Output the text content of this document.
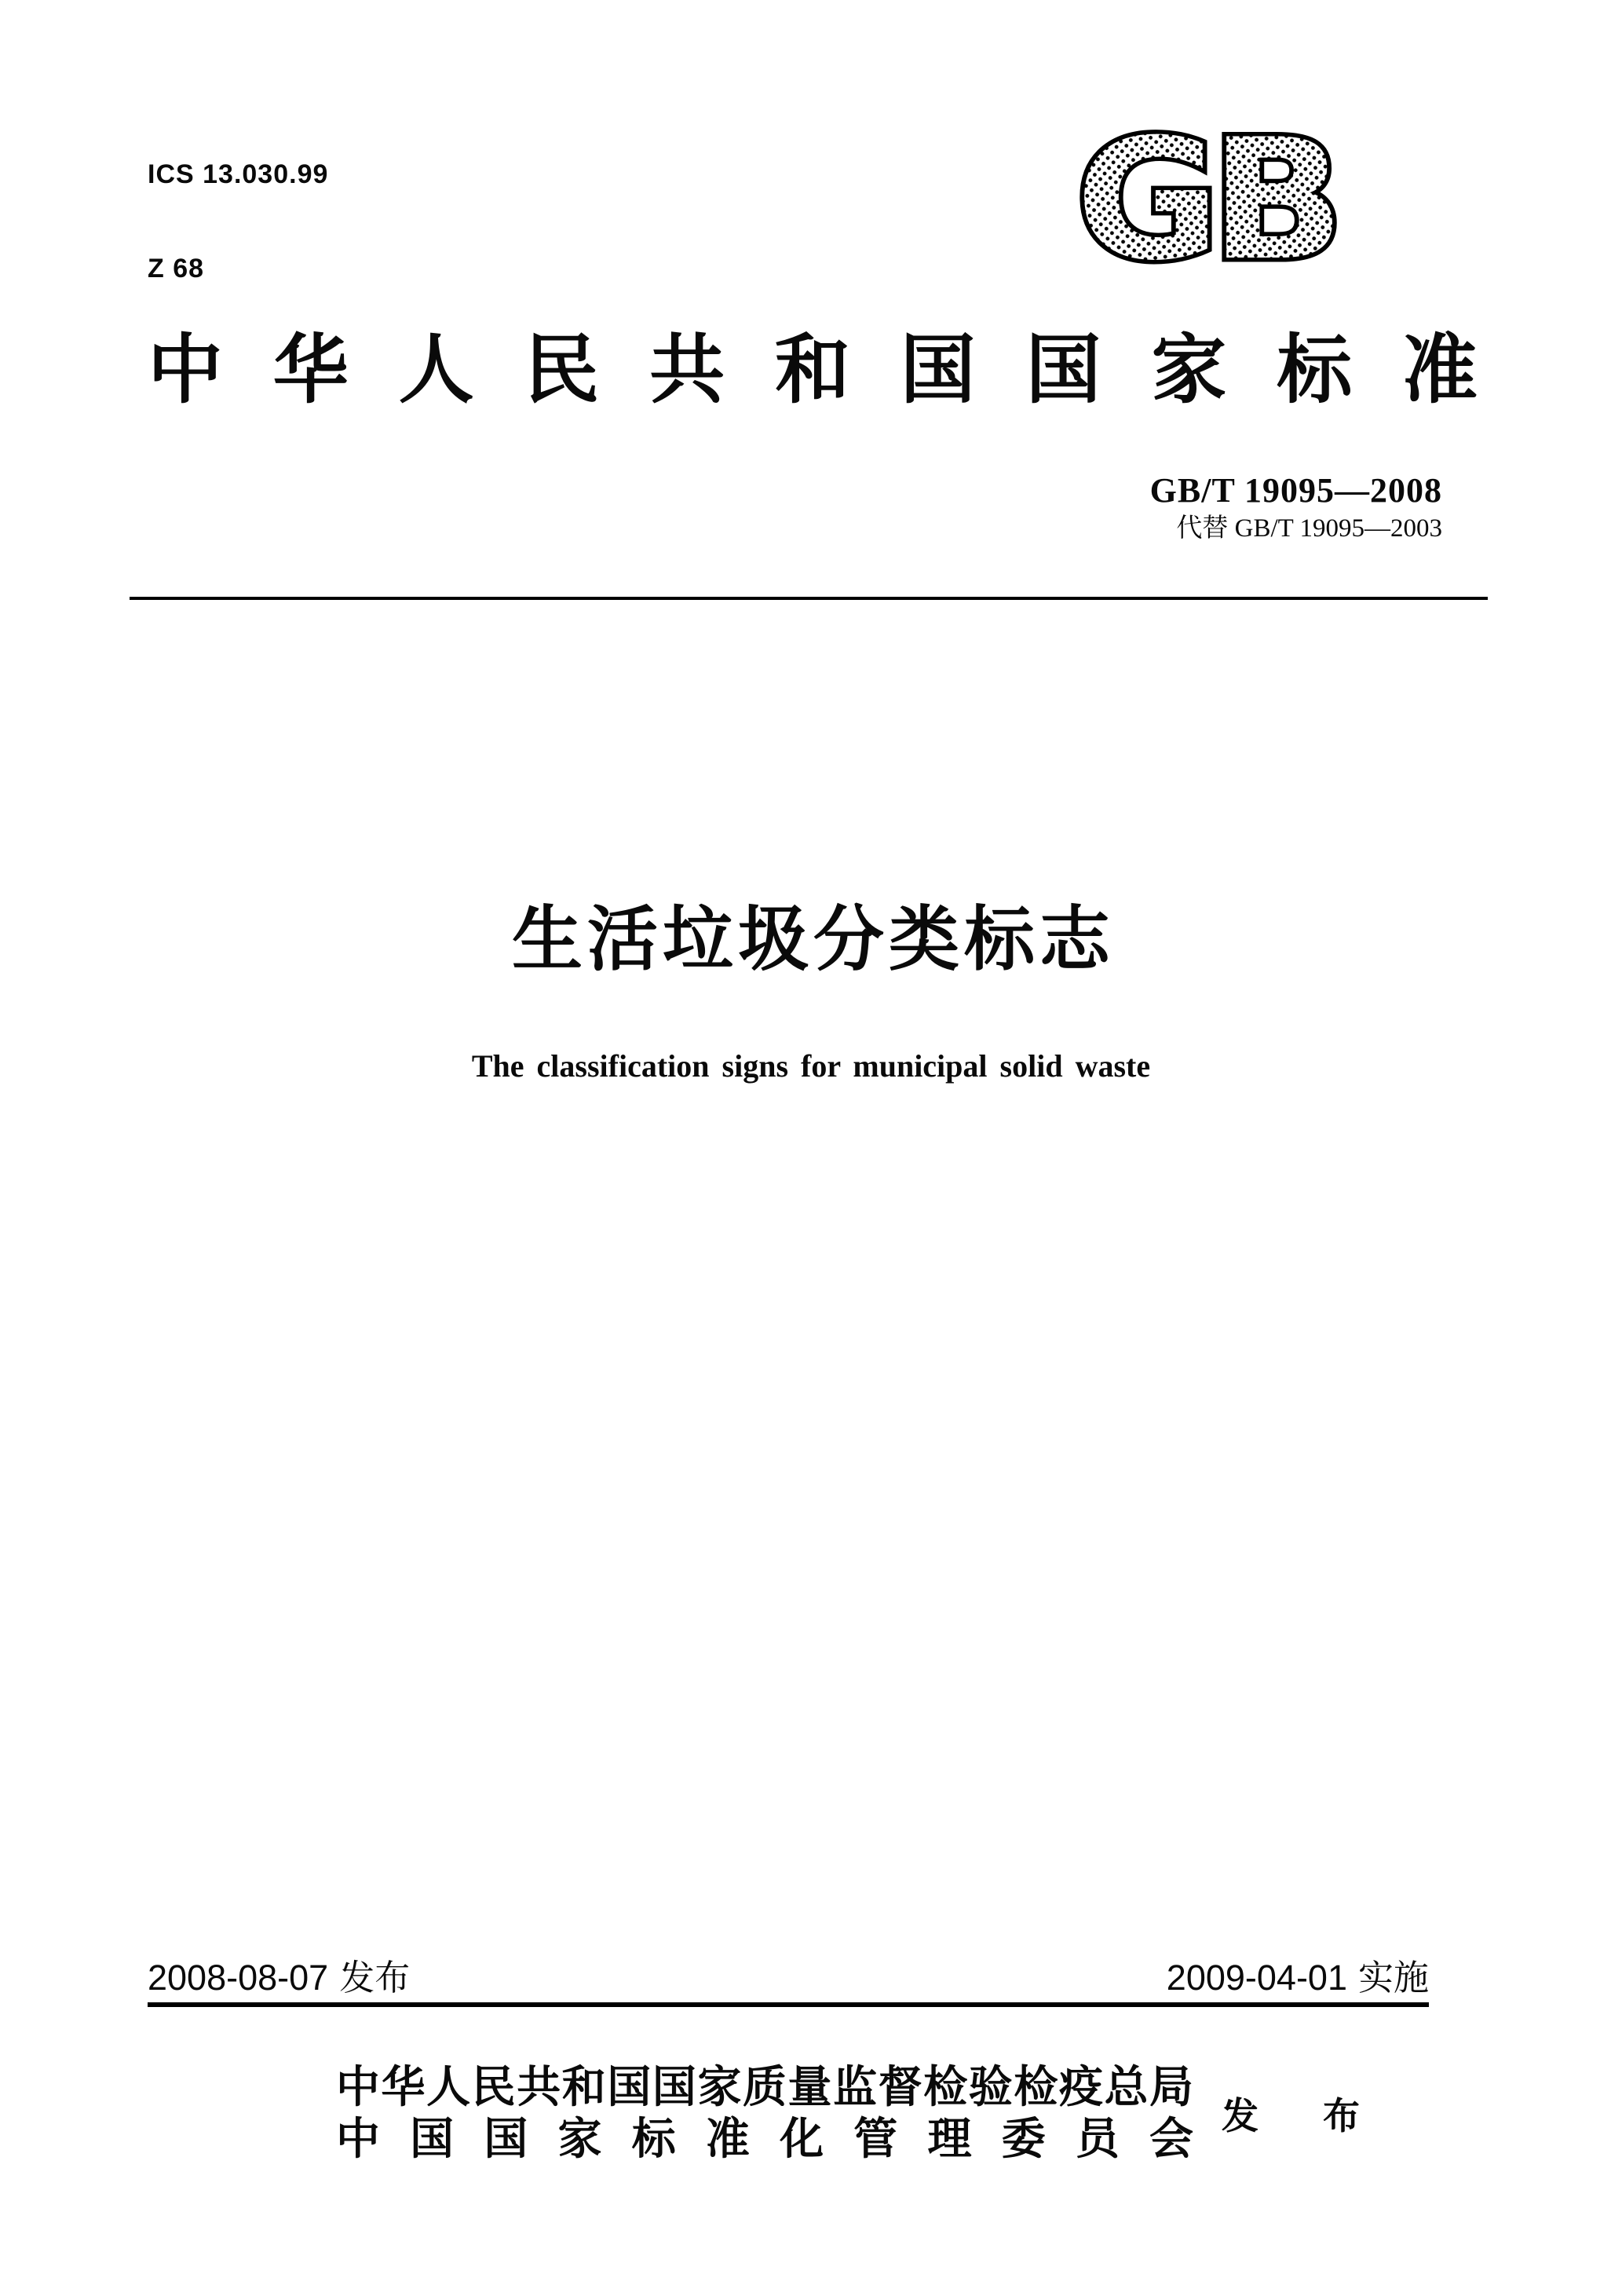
ICS 13.030.99

Z 68

	GB
中华人民共和国国家标准
GB/T 19095—2008
代替 GB/T 19095—2003
生活垃圾分类标志
The classification signs for municipal solid waste
2008-08-07 发布	2009-04-01 实施
中华人民共和国国家质量监督检验检疫总局
中国国家标准化管理委员会 发布
